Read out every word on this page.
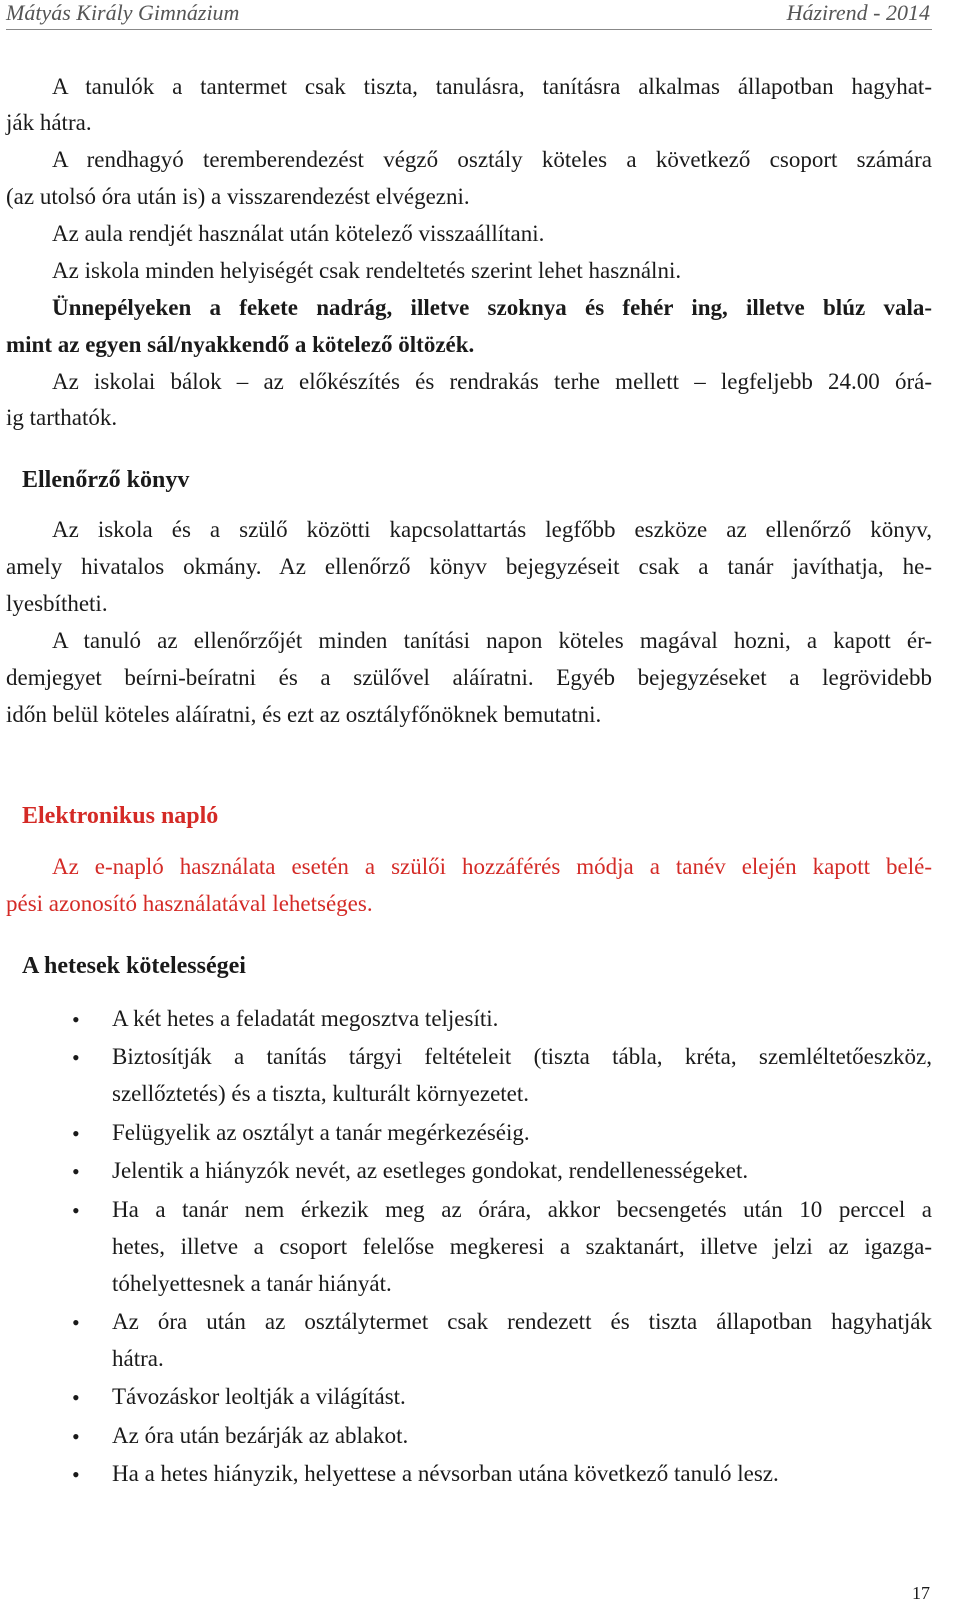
Mátyás Király Gimnázium	Házirend - 2014
A tanulók a tantermet csak tiszta, tanulásra, tanításra alkalmas állapotban hagyhat-
ják hátra.
A rendhagyó teremberendezést végző osztály köteles a következő csoport számára
(az utolsó óra után is) a visszarendezést elvégezni.
Az aula rendjét használat után kötelező visszaállítani.
Az iskola minden helyiségét csak rendeltetés szerint lehet használni.
Ünnepélyeken a fekete nadrág, illetve szoknya és fehér ing, illetve blúz vala-
mint az egyen sál/nyakkendő a kötelező öltözék.
Az iskolai bálok – az előkészítés és rendrakás terhe mellett – legfeljebb 24.00 órá-
ig tarthatók.
Ellenőrző könyv
Az iskola és a szülő közötti kapcsolattartás legfőbb eszköze az ellenőrző könyv,
amely hivatalos okmány. Az ellenőrző könyv bejegyzéseit csak a tanár javíthatja, he-
lyesbítheti.
A tanuló az ellenőrzőjét minden tanítási napon köteles magával hozni, a kapott ér-
demjegyet beírni-beíratni és a szülővel aláíratni. Egyéb bejegyzéseket a legrövidebb
időn belül köteles aláíratni, és ezt az osztályfőnöknek bemutatni.
Elektronikus napló
Az e-napló használata esetén a szülői hozzáférés módja a tanév elején kapott belé-
pési azonosító használatával lehetséges.
A hetesek kötelességei
• A két hetes a feladatát megosztva teljesíti.
• Biztosítják a tanítás tárgyi feltételeit (tiszta tábla, kréta, szemléltetőeszköz,
szellőztetés) és a tiszta, kulturált környezetet.
• Felügyelik az osztályt a tanár megérkezéséig.
• Jelentik a hiányzók nevét, az esetleges gondokat, rendellenességeket.
• Ha a tanár nem érkezik meg az órára, akkor becsengetés után 10 perccel a
hetes, illetve a csoport felelőse megkeresi a szaktanárt, illetve jelzi az igazga-
tóhelyettesnek a tanár hiányát.
• Az óra után az osztálytermet csak rendezett és tiszta állapotban hagyhatják
hátra.
• Távozáskor leoltják a világítást.
• Az óra után bezárják az ablakot.
• Ha a hetes hiányzik, helyettese a névsorban utána következő tanuló lesz.
17
